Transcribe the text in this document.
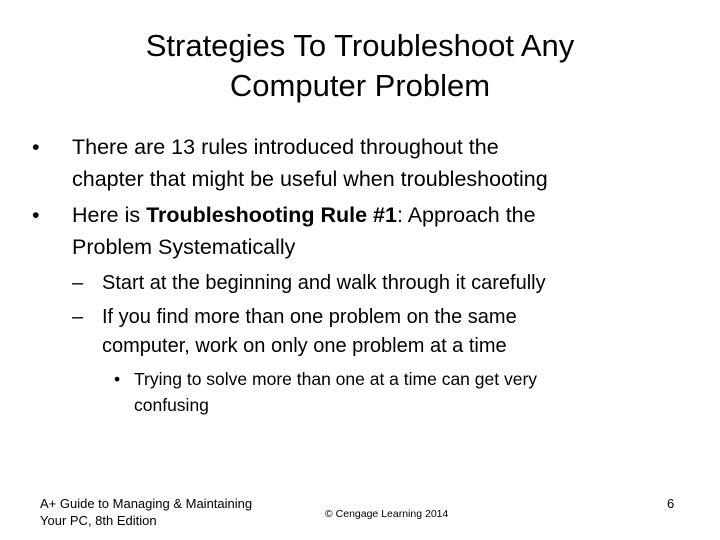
Strategies To Troubleshoot Any
Computer Problem
• There are 13 rules introduced throughout the
chapter that might be useful when troubleshooting
• Here is Troubleshooting Rule #1: Approach the
Problem Systematically
– Start at the beginning and walk through it carefully
– If you find more than one problem on the same
computer, work on only one problem at a time
• Trying to solve more than one at a time can get very
confusing
A+ Guide to Managing & Maintaining
Your PC, 8th Edition	© Cengage Learning 2014
6
